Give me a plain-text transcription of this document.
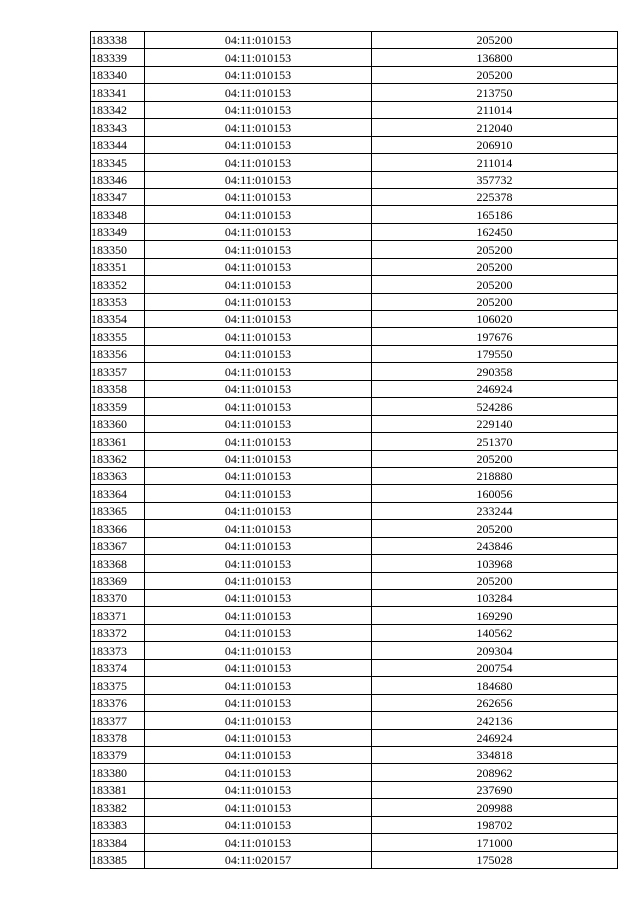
183338	04:11:010153	205200
183339	04:11:010153	136800
183340	04:11:010153	205200
183341	04:11:010153	213750
183342	04:11:010153	211014
183343	04:11:010153	212040
183344	04:11:010153	206910
183345	04:11:010153	211014
183346	04:11:010153	357732
183347	04:11:010153	225378
183348	04:11:010153	165186
183349	04:11:010153	162450
183350	04:11:010153	205200
183351	04:11:010153	205200
183352	04:11:010153	205200
183353	04:11:010153	205200
183354	04:11:010153	106020
183355	04:11:010153	197676
183356	04:11:010153	179550
183357	04:11:010153	290358
183358	04:11:010153	246924
183359	04:11:010153	524286
183360	04:11:010153	229140
183361	04:11:010153	251370
183362	04:11:010153	205200
183363	04:11:010153	218880
183364	04:11:010153	160056
183365	04:11:010153	233244
183366	04:11:010153	205200
183367	04:11:010153	243846
183368	04:11:010153	103968
183369	04:11:010153	205200
183370	04:11:010153	103284
183371	04:11:010153	169290
183372	04:11:010153	140562
183373	04:11:010153	209304
183374	04:11:010153	200754
183375	04:11:010153	184680
183376	04:11:010153	262656
183377	04:11:010153	242136
183378	04:11:010153	246924
183379	04:11:010153	334818
183380	04:11:010153	208962
183381	04:11:010153	237690
183382	04:11:010153	209988
183383	04:11:010153	198702
183384	04:11:010153	171000
183385	04:11:020157	175028
